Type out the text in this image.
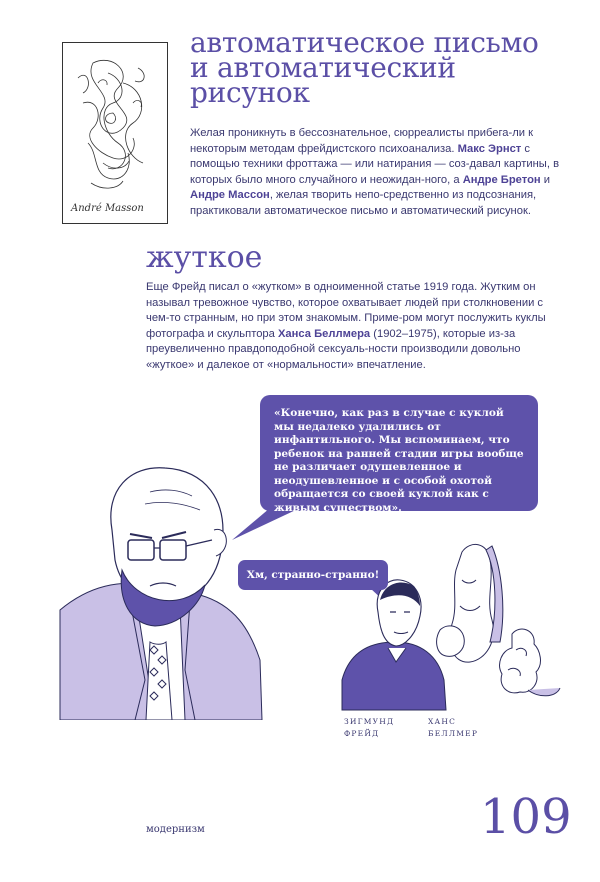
André Masson
автоматическое письмо
и автоматический
рисунок
Желая проникнуть в бессознательное, сюрреалисты прибега-ли к некоторым методам фрейдистского психоанализа. Макс Эрнст с помощью техники фроттажа — или натирания — соз-давал картины, в которых было много случайного и неожидан-ного, а Андре Бретон и Андре Массон, желая творить непо-средственно из подсознания, практиковали автоматическое письмо и автоматический рисунок.
жуткое
Еще Фрейд писал о «жутком» в одноименной статье 1919 года. Жутким он называл тревожное чувство, которое охватывает людей при столкновении с чем-то странным, но при этом знакомым. Приме-ром могут послужить куклы фотографа и скульптора Ханса Беллмера (1902–1975), которые из-за преувеличенно правдоподобной сексуаль-ности производили довольно «жуткое» и далекое от «нормальности» впечатление.
«Конечно, как раз в случае с куклой мы недалеко удалились от инфантильного. Мы вспоминаем, что ребенок на ранней стадии игры вообще не различает одушевленное и неодушевленное и с особой охотой обращается со своей куклой как с живым существом».
Хм, странно-странно!
ЗИГМУНД ФРЕЙД
ХАНС БЕЛЛМЕР
модернизм	109
